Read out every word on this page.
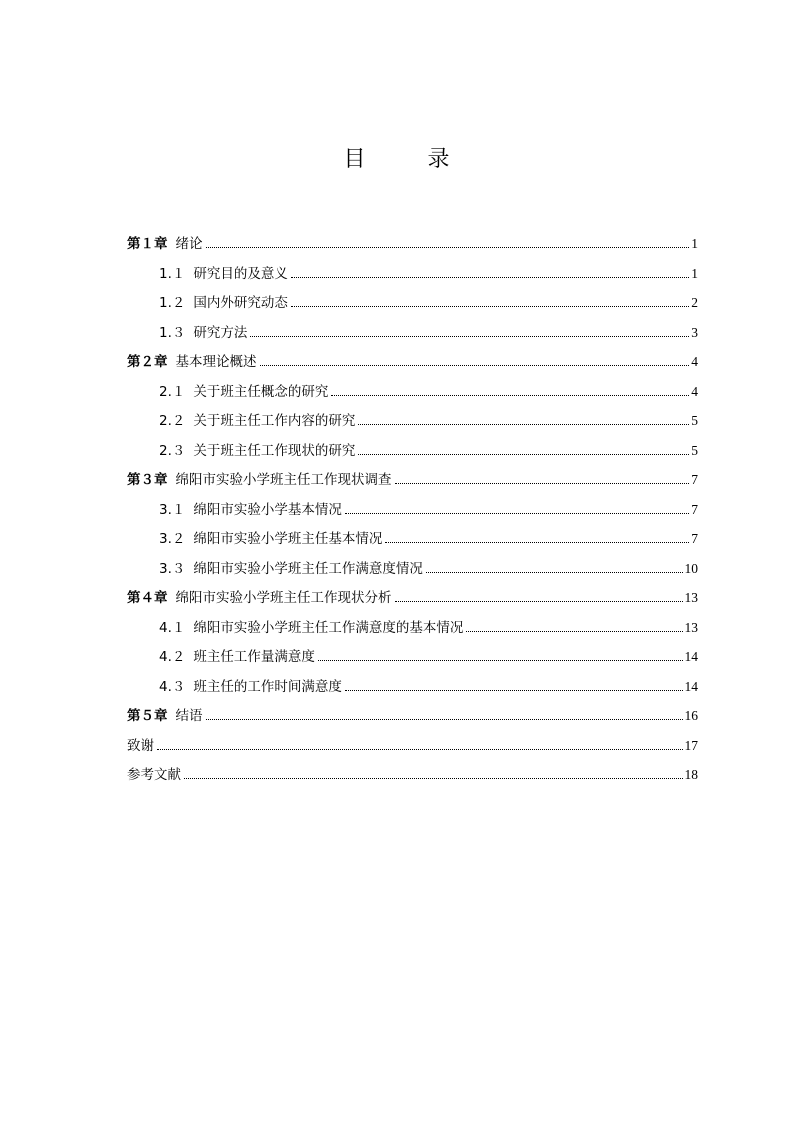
目　录
第１章 绪论	1
1.１ 研究目的及意义	1
1.２ 国内外研究动态	2
1.３ 研究方法	3
第２章 基本理论概述	4
2.１ 关于班主任概念的研究	4
2.２ 关于班主任工作内容的研究	5
2.３ 关于班主任工作现状的研究	5
第３章 绵阳市实验小学班主任工作现状调查	7
3.１ 绵阳市实验小学基本情况	7
3.２ 绵阳市实验小学班主任基本情况	7
3.３ 绵阳市实验小学班主任工作满意度情况	10
第４章 绵阳市实验小学班主任工作现状分析	13
4.１ 绵阳市实验小学班主任工作满意度的基本情况	13
4.２ 班主任工作量满意度	14
4.３ 班主任的工作时间满意度	14
第５章 结语	16
致谢	17
参考文献	18
